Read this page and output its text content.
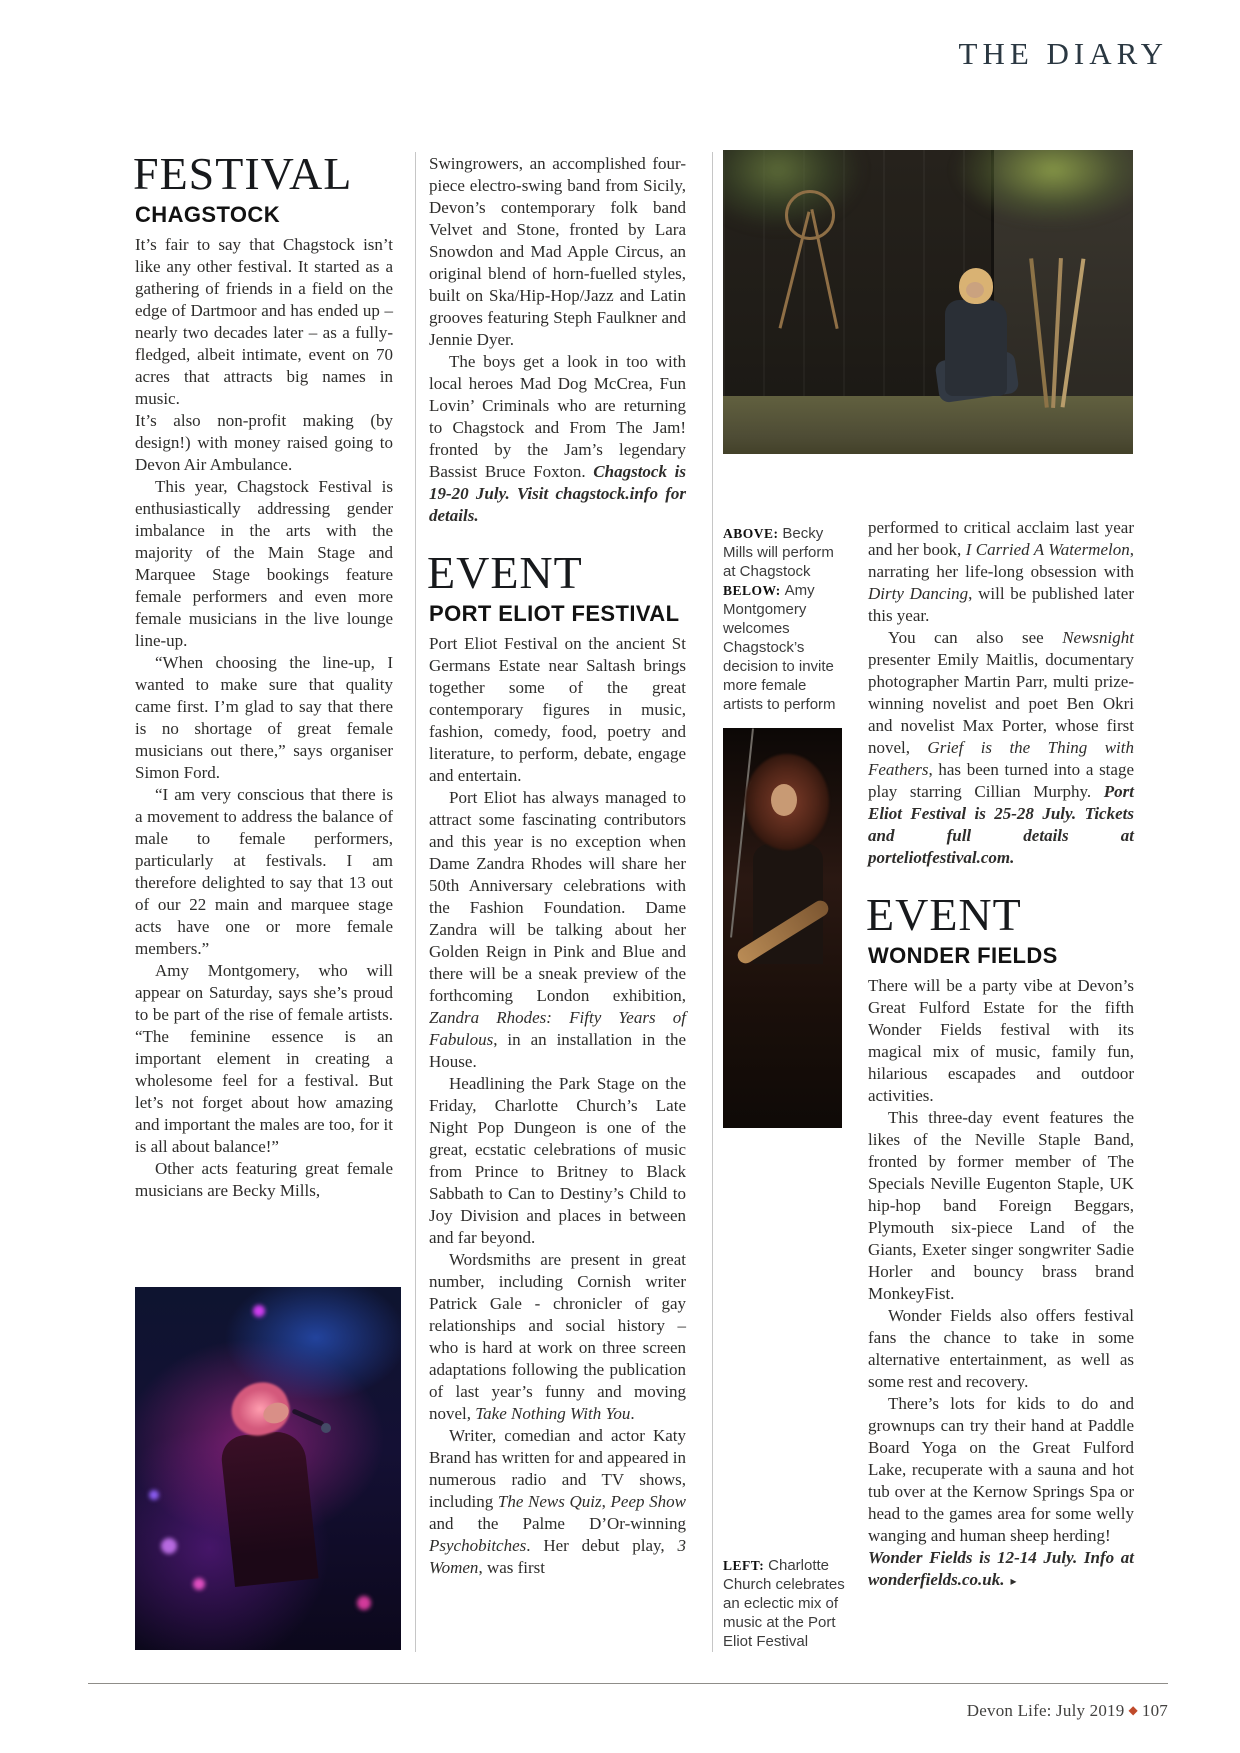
THE DIARY
FESTIVAL
CHAGSTOCK

It’s fair to say that Chagstock isn’t like any other festival. It started as a gathering of friends in a field on the edge of Dartmoor and has ended up – nearly two decades later – as a fully-fledged, albeit intimate, event on 70 acres that attracts big names in music.

It’s also non-profit making (by design!) with money raised going to Devon Air Ambulance.

This year, Chagstock Festival is enthusiastically addressing gender imbalance in the arts with the majority of the Main Stage and Marquee Stage bookings feature female performers and even more female musicians in the live lounge line-up.

“When choosing the line-up, I wanted to make sure that quality came first. I’m glad to say that there is no shortage of great female musicians out there,” says organiser Simon Ford.

“I am very conscious that there is a movement to address the balance of male to female performers, particularly at festivals. I am therefore delighted to say that 13 out of our 22 main and marquee stage acts have one or more female members.”

Amy Montgomery, who will appear on Saturday, says she’s proud to be part of the rise of female artists. “The feminine essence is an important element in creating a wholesome feel for a festival. But let’s not forget about how amazing and important the males are too, for it is all about balance!”

Other acts featuring great female musicians are Becky Mills,

Swingrowers, an accomplished four-piece electro-swing band from Sicily, Devon’s contemporary folk band Velvet and Stone, fronted by Lara Snowdon and Mad Apple Circus, an original blend of horn-fuelled styles, built on Ska/Hip-Hop/Jazz and Latin grooves featuring Steph Faulkner and Jennie Dyer.

The boys get a look in too with local heroes Mad Dog McCrea, Fun Lovin’ Criminals who are returning to Chagstock and From The Jam! fronted by the Jam’s legendary Bassist Bruce Foxton. Chagstock is 19-20 July. Visit chagstock.info for details.

EVENT
PORT ELIOT FESTIVAL

Port Eliot Festival on the ancient St Germans Estate near Saltash brings together some of the great contemporary figures in music, fashion, comedy, food, poetry and literature, to perform, debate, engage and entertain.

Port Eliot has always managed to attract some fascinating contributors and this year is no exception when Dame Zandra Rhodes will share her 50th Anniversary celebrations with the Fashion Foundation. Dame Zandra will be talking about her Golden Reign in Pink and Blue and there will be a sneak preview of the forthcoming London exhibition, Zandra Rhodes: Fifty Years of Fabulous, in an installation in the House.

Headlining the Park Stage on the Friday, Charlotte Church’s Late Night Pop Dungeon is one of the great, ecstatic celebrations of music from Prince to Britney to Black Sabbath to Can to Destiny’s Child to Joy Division and places in between and far beyond.

Wordsmiths are present in great number, including Cornish writer Patrick Gale - chronicler of gay relationships and social history – who is hard at work on three screen adaptations following the publication of last year’s funny and moving novel, Take Nothing With You.

Writer, comedian and actor Katy Brand has written for and appeared in numerous radio and TV shows, including The News Quiz, Peep Show and the Palme D’Or-winning Psychobitches. Her debut play, 3 Women, was first

ABOVE: Becky Mills will perform at Chagstock
BELOW: Amy Montgomery welcomes Chagstock’s decision to invite more female artists to perform
LEFT: Charlotte Church celebrates an eclectic mix of music at the Port Eliot Festival

performed to critical acclaim last year and her book, I Carried A Watermelon, narrating her life-long obsession with Dirty Dancing, will be published later this year.

You can also see Newsnight presenter Emily Maitlis, documentary photographer Martin Parr, multi prize-winning novelist and poet Ben Okri and novelist Max Porter, whose first novel, Grief is the Thing with Feathers, has been turned into a stage play starring Cillian Murphy. Port Eliot Festival is 25-28 July. Tickets and full details at porteliotfestival.com.

EVENT
WONDER FIELDS

There will be a party vibe at Devon’s Great Fulford Estate for the fifth Wonder Fields festival with its magical mix of music, family fun, hilarious escapades and outdoor activities.

This three-day event features the likes of the Neville Staple Band, fronted by former member of The Specials Neville Eugenton Staple, UK hip-hop band Foreign Beggars, Plymouth six-piece Land of the Giants, Exeter singer songwriter Sadie Horler and bouncy brass brand MonkeyFist.

Wonder Fields also offers festival fans the chance to take in some alternative entertainment, as well as some rest and recovery.

There’s lots for kids to do and grownups can try their hand at Paddle Board Yoga on the Great Fulford Lake, recuperate with a sauna and hot tub over at the Kernow Springs Spa or head to the games area for some welly wanging and human sheep herding!

Wonder Fields is 12-14 July. Info at wonderfields.co.uk. ▸

Devon Life: July 2019 ◆ 107
